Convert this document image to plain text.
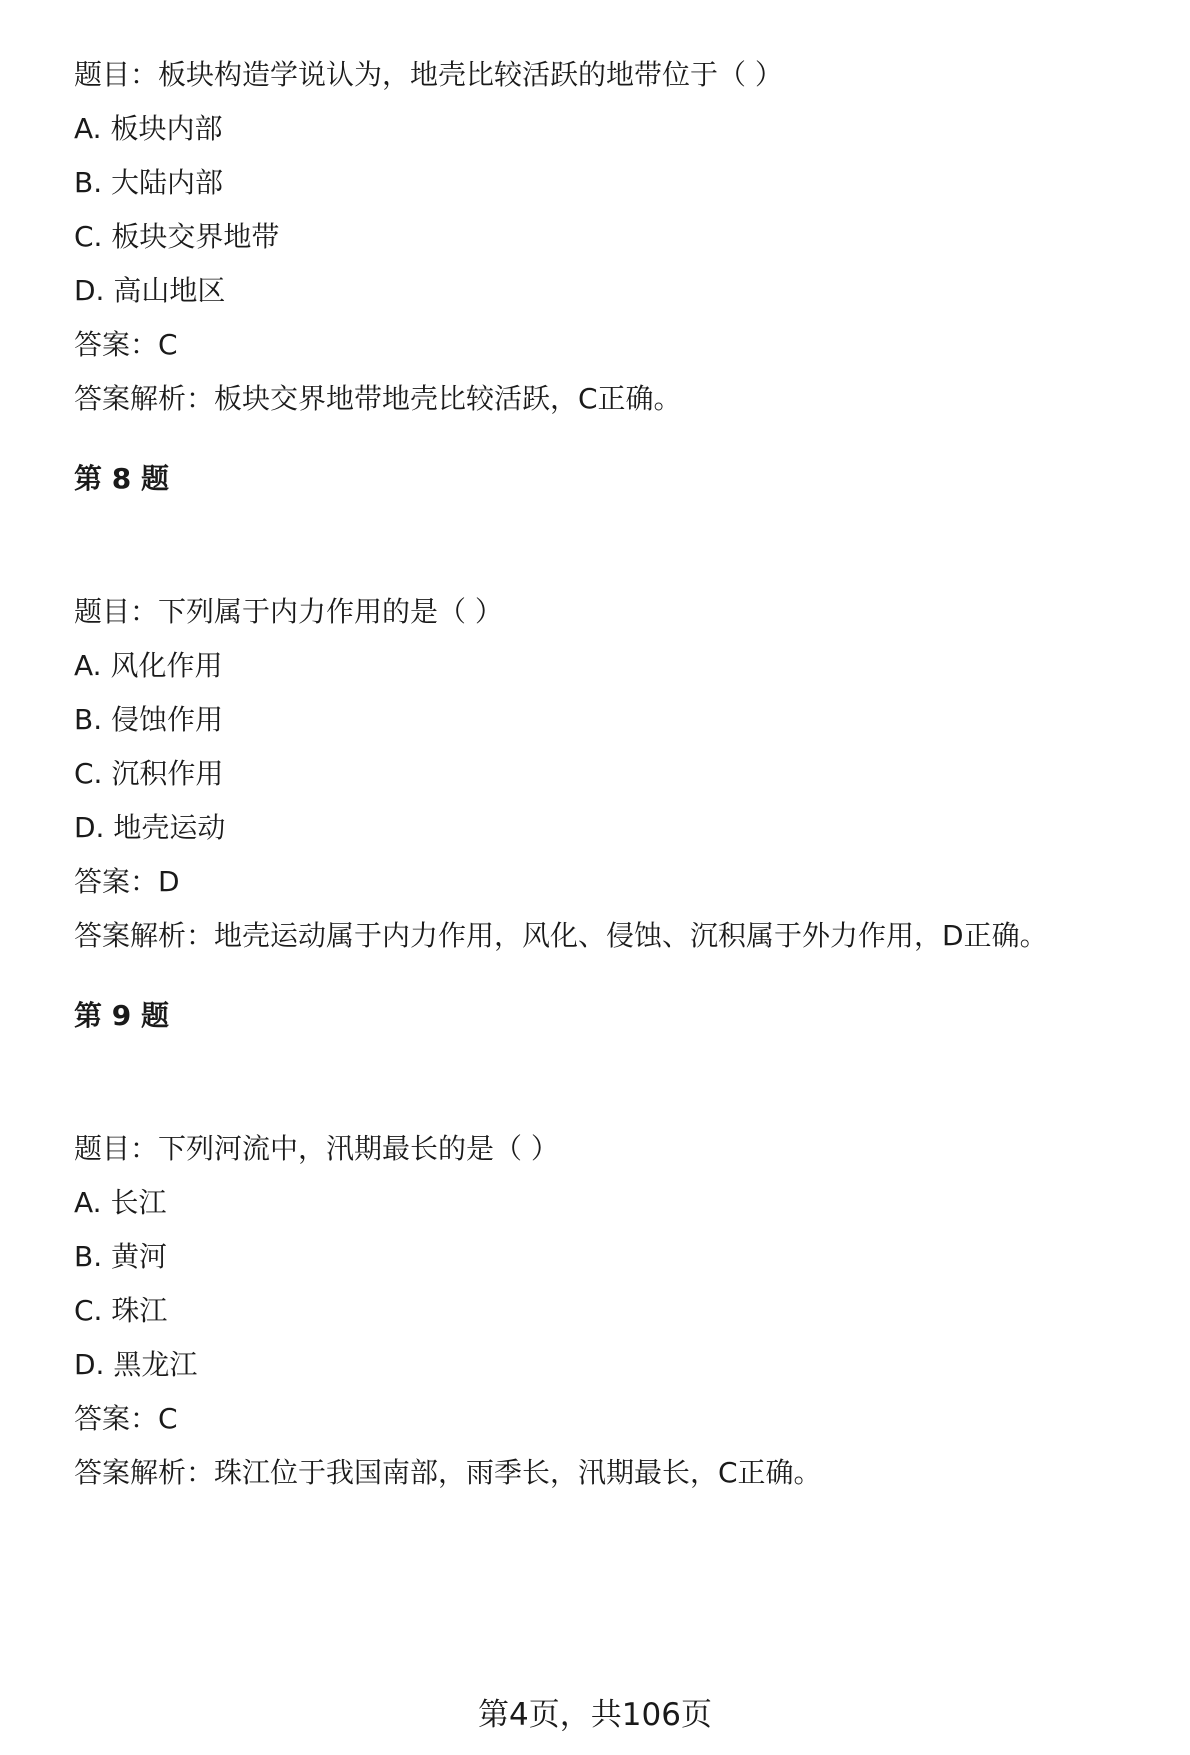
题目：板块构造学说认为，地壳比较活跃的地带位于（ ）
A. 板块内部
B. 大陆内部
C. 板块交界地带
D. 高山地区
答案：C
答案解析：板块交界地带地壳比较活跃，C正确。
第 8 题
题目：下列属于内力作用的是（ ）
A. 风化作用
B. 侵蚀作用
C. 沉积作用
D. 地壳运动
答案：D
答案解析：地壳运动属于内力作用，风化、侵蚀、沉积属于外力作用，D正确。
第 9 题
题目：下列河流中，汛期最长的是（ ）
A. 长江
B. 黄河
C. 珠江
D. 黑龙江
答案：C
答案解析：珠江位于我国南部，雨季长，汛期最长，C正确。
第4页，共106页
